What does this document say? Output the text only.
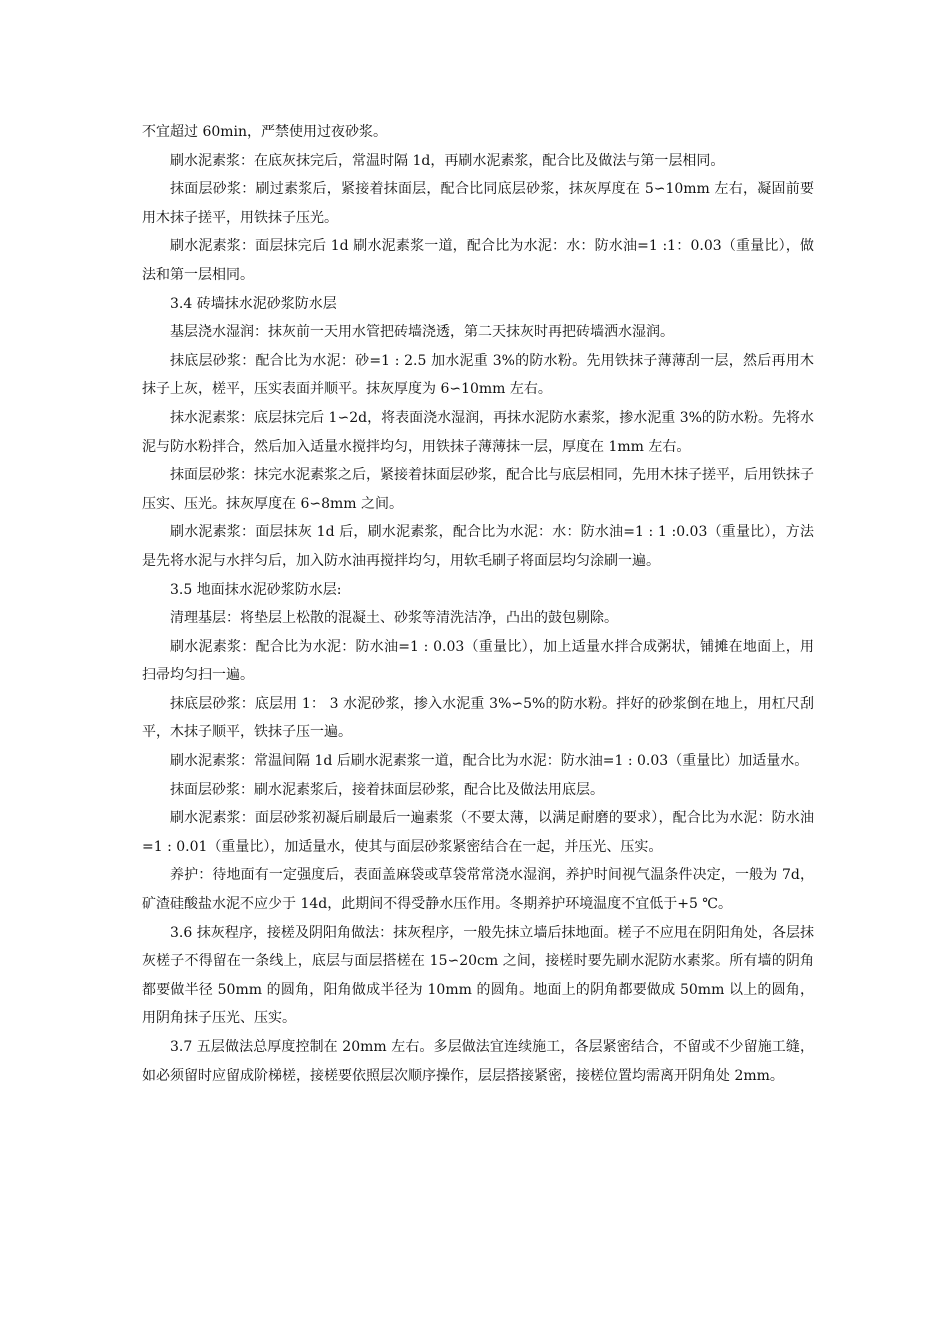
不宜超过 60min，严禁使用过夜砂浆。

刷水泥素浆：在底灰抹完后，常温时隔 1d，再刷水泥素浆，配合比及做法与第一层相同。

抹面层砂浆：刷过素浆后，紧接着抹面层，配合比同底层砂浆，抹灰厚度在 5∽10mm 左右，凝固前要用木抹子搓平，用铁抹子压光。

刷水泥素浆：面层抹完后 1d 刷水泥素浆一道，配合比为水泥：水：防水油=1 :1：0.03（重量比），做法和第一层相同。

3.4 砖墙抹水泥砂浆防水层

基层浇水湿润：抹灰前一天用水管把砖墙浇透，第二天抹灰时再把砖墙洒水湿润。

抹底层砂浆：配合比为水泥：砂=1 : 2.5 加水泥重 3%的防水粉。先用铁抹子薄薄刮一层，然后再用木抹子上灰，槎平，压实表面并顺平。抹灰厚度为 6∽10mm 左右。

抹水泥素浆：底层抹完后 1∽2d，将表面浇水湿润，再抹水泥防水素浆，掺水泥重 3%的防水粉。先将水泥与防水粉拌合，然后加入适量水搅拌均匀，用铁抹子薄薄抹一层，厚度在 1mm 左右。

抹面层砂浆：抹完水泥素浆之后，紧接着抹面层砂浆，配合比与底层相同，先用木抹子搓平，后用铁抹子压实、压光。抹灰厚度在 6∽8mm 之间。

刷水泥素浆：面层抹灰 1d 后，刷水泥素浆，配合比为水泥：水：防水油=1 : 1 :0.03（重量比），方法是先将水泥与水拌匀后，加入防水油再搅拌均匀，用软毛刷子将面层均匀涂刷一遍。

3.5 地面抹水泥砂浆防水层:

清理基层：将垫层上松散的混凝土、砂浆等清洗洁净，凸出的鼓包剔除。

刷水泥素浆：配合比为水泥：防水油=1 : 0.03（重量比），加上适量水拌合成粥状，铺摊在地面上，用扫帚均匀扫一遍。

抹底层砂浆：底层用 1： 3 水泥砂浆，掺入水泥重 3%∽5%的防水粉。拌好的砂浆倒在地上，用杠尺刮平，木抹子顺平，铁抹子压一遍。

刷水泥素浆：常温间隔 1d 后刷水泥素浆一道，配合比为水泥：防水油=1 : 0.03（重量比）加适量水。

抹面层砂浆：刷水泥素浆后，接着抹面层砂浆，配合比及做法用底层。

刷水泥素浆：面层砂浆初凝后刷最后一遍素浆（不要太薄，以满足耐磨的要求），配合比为水泥：防水油=1 : 0.01（重量比），加适量水，使其与面层砂浆紧密结合在一起，并压光、压实。

养护：待地面有一定强度后，表面盖麻袋或草袋常常浇水湿润，养护时间视气温条件决定，一般为 7d，矿渣硅酸盐水泥不应少于 14d，此期间不得受静水压作用。冬期养护环境温度不宜低于+5 ℃。

3.6 抹灰程序，接槎及阴阳角做法：抹灰程序，一般先抹立墙后抹地面。槎子不应甩在阴阳角处，各层抹灰槎子不得留在一条线上，底层与面层搭槎在 15∽20cm 之间，接槎时要先刷水泥防水素浆。所有墙的阴角都要做半径 50mm 的圆角，阳角做成半径为 10mm 的圆角。地面上的阴角都要做成 50mm 以上的圆角，用阴角抹子压光、压实。

3.7 五层做法总厚度控制在 20mm 左右。多层做法宜连续施工，各层紧密结合，不留或不少留施工缝，如必须留时应留成阶梯槎，接槎要依照层次顺序操作，层层搭接紧密，接槎位置均需离开阴角处 2mm。
